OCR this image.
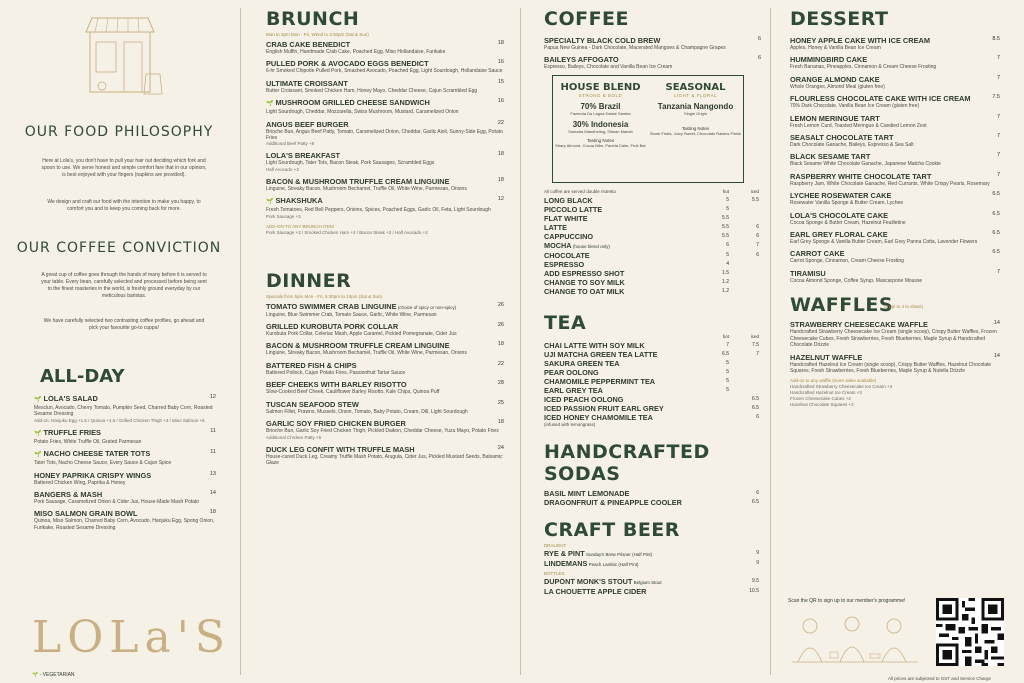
OUR FOOD PHILOSOPHY
Here at Lola's, you don't have to pull your hair out deciding which fork and spoon to use. We serve honest and simple comfort fare that in our opinion, is best enjoyed with your fingers (napkins are provided).
We design and craft our food with the intention to make you happy, to comfort you and to keep you coming back for more.
OUR COFFEE CONVICTION
A great cup of coffee goes through the hands of many before it is served to your table. Every bean, carefully selected and processed before being sent to the finest roasteries in the world, is freshly ground everyday by our meticulous baristas.
We have carefully selected two contrasting coffee profiles, go ahead and pick your favourite go-to cuppa!
ALL-DAY
🌱 LOLA'S SALAD	12
Mesclun, Avocado, Cherry Tomato, Pumpkin Seed, Charred Baby Corn, Roasted Sesame Dressing
Add-on: Hanjuku Egg +1.5 / Quinoa +1.5 / Grilled Chicken Thigh +3 / Miso Salmon +5
🌱 TRUFFLE FRIES	11
Potato Fries, White Truffle Oil, Grated Parmesan
🌱 NACHO CHEESE TATER TOTS	11
Tater Tots, Nacho Cheese Sauce, Every Sauce & Cajun Spice
HONEY PAPRIKA CRISPY WINGS	13
Battered Chicken Wing, Paprika & Honey
BANGERS & MASH	14
Pork Sausage, Caramelized Onion & Cider Jus, House-Made Mash Potato
MISO SALMON GRAIN BOWL	18
Quinoa, Miso Salmon, Charred Baby Corn, Avocado, Hanjuku Egg, Spring Onion, Furikake, Roasted Sesame Dressing
LOLa'S
🌱 - VEGETARIAN
BRUNCH
Mon to 3pm Mon - Fri, Wknd to 3:30pm (Sat & Sun)
CRAB CAKE BENEDICT	18
English Muffin, Handmade Crab Cake, Poached Egg, Miso Hollandaise, Furikake
PULLED PORK & AVOCADO EGGS BENEDICT	16
6-hr Smoked Chipotle Pulled Pork, Smashed Avocado, Poached Egg, Light Sourdough, Hollandaise Sauce
ULTIMATE CROISSANT	15
Butter Croissant, Smoked Chicken Ham, Honey Mayo, Cheddar Cheese, Cajun Scrambled Egg
🌱 MUSHROOM GRILLED CHEESE SANDWICH	16
Light Sourdough, Cheddar, Mozzarella, Swiss Mushroom, Mustard, Caramelized Onion
ANGUS BEEF BURGER	22
Brioche Bun, Angus Beef Patty, Tomato, Caramelized Onion, Cheddar, Garlic Aioli, Sunny-Side Egg, Potato Fries
Additional Beef Patty +8
LOLA'S BREAKFAST	18
Light Sourdough, Tater Tots, Bacon Steak, Pork Sausages, Scrambled Eggs
Half Avocado +2
BACON & MUSHROOM TRUFFLE CREAM LINGUINE	18
Linguine, Streaky Bacon, Mushroom Bechamel, Truffle Oil, White Wine, Parmesan, Onions
🌱 SHAKSHUKA	12
Fresh Tomatoes, Red Bell Peppers, Onions, Spices, Poached Eggs, Garlic Oil, Feta, Light Sourdough
Pork Sausage +3
ADD-ON TO ANY BRUNCH ITEM
Pork Sausage +3 / Smoked Chicken Ham +2 / Bacon Steak +3 / Half Avocado +2
DINNER
Specials from 5pm Mon - Fri, 5:30pm to 10pm (Sat & Sun)
TOMATO SWIMMER CRAB LINGUINE (choice of spicy or non-spicy)	26
Linguine, Blue Swimmer Crab, Tomato Sauce, Garlic, White Wine, Parmesan
GRILLED KUROBUTA PORK COLLAR	26
Kurobuta Pork Collar, Celeriac Mash, Apple Caramel, Pickled Pomegranate, Cider Jus
BACON & MUSHROOM TRUFFLE CREAM LINGUINE	18
Linguine, Streaky Bacon, Mushroom Bechamel, Truffle Oil, White Wine, Parmesan, Onions
BATTERED FISH & CHIPS	22
Battered Pollock, Cajun Potato Fries, Passionfruit Tartar Sauce
BEEF CHEEKS WITH BARLEY RISOTTO	28
Slow-Cooked Beef Cheek, Cauliflower Barley Risotto, Kale Chips, Quinoa Puff
TUSCAN SEAFOOD STEW	25
Salmon Fillet, Prawns, Mussels, Onion, Tomato, Baby Potato, Cream, Dill, Light Sourdough
GARLIC SOY FRIED CHICKEN BURGER	18
Brioche Bun, Garlic Soy Fried Chicken Thigh, Pickled Daikon, Cheddar Cheese, Yuzu Mayo, Potato Fries
Additional Chicken Patty +6
DUCK LEG CONFIT WITH TRUFFLE MASH	24
House-cured Duck Leg, Creamy Truffle Mash Potato, Arugula, Cider Jus, Pickled Mustard Seeds, Balsamic Glaze
COFFEE
SPECIALTY BLACK COLD BREW	6
Papua New Guinea - Dark Chocolate, Macerated Mangoes & Champagne Grapes
BAILEYS AFFOGATO	6
Espresso, Baileys, Chocolate and Vanilla Bean Ice Cream
HOUSE BLEND
STRONG & BOLD
70% Brazil
Fazenda Da Lagoa Estate Samba
30% Indonesia
Sumatra Mandheling, Sitinan Mariah
Tasting Notes
Sharp Almond, Cocoa Nibs, Panela Cake, Fruit Bar
SEASONAL
LIGHT & FLORAL
Tanzania Nangondo
Single Origin
Tasting Notes
Stone Fruits, Juicy Sweet, Chocolate Raisins Finish
All coffee are served double ristretto	hot	iced
LONG BLACK	5	5.5
PICCOLO LATTE	5
FLAT WHITE	5.5
LATTE	5.5	6
CAPPUCCINO	5.5	6
MOCHA (house blend only)	6	7
CHOCOLATE	5	6
ESPRESSO	4
ADD ESPRESSO SHOT	1.5
CHANGE TO SOY MILK	1.2
CHANGE TO OAT MILK	1.2
TEA
hot	iced
CHAI LATTE WITH SOY MILK	7	7.5
UJI MATCHA GREEN TEA LATTE	6.5	7
SAKURA GREEN TEA	5
PEAR OOLONG	5
CHAMOMILE PEPPERMINT TEA	5
EARL GREY TEA	5
ICED PEACH OOLONG	6.5
ICED PASSION FRUIT EARL GREY	6.5
ICED HONEY CHAMOMILE TEA	6
(infused with lemongrass)
HANDCRAFTED SODAS
BASIL MINT LEMONADE	6
DRAGONFRUIT & PINEAPPLE COOLER	6.5
CRAFT BEER
DRAUGHT
RYE & PINT Sunday's Brew Pilsner (Half Pint)	9
LINDEMANS Peach Lambic (Half Pint)	9
BOTTLES
DUPONT MONK'S STOUT Belgium Stout	9.5
LA CHOUETTE APPLE CIDER	10.5
DESSERT
HONEY APPLE CAKE WITH ICE CREAM	8.5
Apples, Honey & Vanilla Bean Ice Cream
HUMMINGBIRD CAKE	7
Fresh Bananas, Pineapples, Cinnamon & Cream Cheese Frosting
ORANGE ALMOND CAKE	7
Whole Oranges, Almond Meal (gluten free)
FLOURLESS CHOCOLATE CAKE WITH ICE CREAM	7.5
70% Dark Chocolate, Vanilla Bean Ice Cream (gluten free)
LEMON MERINGUE TART	7
Fresh Lemon Curd, Toasted Meringue & Candied Lemon Zest
SEASALT CHOCOLATE TART	7
Dark Chocolate Ganache, Baileys, Espresso & Sea Salt
BLACK SESAME TART	7
Black Sesame White Chocolate Ganache, Japanese Matcha Cookie
RASPBERRY WHITE CHOCOLATE TART	7
Raspberry Jam, White Chocolate Ganache, Red Currants, White Crispy Pearls, Rosemary
LYCHEE ROSEWATER CAKE	6.5
Rosewater Vanilla Sponge & Butter Cream, Lychee
LOLA'S CHOCOLATE CAKE	6.5
Cocoa Sponge & Butter Cream, Hazelnut Feuilletine
EARL GREY FLORAL CAKE	6.5
Earl Grey Sponge & Vanilla Butter Cream, Earl Grey Panna Cotta, Lavender Flowers
CARROT CAKE	6.5
Carrot Sponge, Cinnamon, Cream Cheese Frosting
TIRAMISU	7
Cocoa Almond Sponge, Coffee Syrup, Mascarpone Mousse
WAFFLES
(2 ppl to 4 to share)
STRAWBERRY CHEESECAKE WAFFLE	14
Handcrafted Strawberry Cheesecake Ice Cream (single scoop), Crispy Butter Waffles, Frozen Cheesecake Cubes, Fresh Strawberries, Fresh Blueberries, Maple Syrup & Handcrafted Chocolate Drizzle
HAZELNUT WAFFLE	14
Handcrafted Hazelnut Ice Cream (single scoop), Crispy Butter Waffles, Hazelnut Chocolate Squares, Fresh Strawberries, Fresh Blueberries, Maple Syrup & Nutella Drizzle
Add-on to any waffle (more sides available)
Handcrafted Strawberry Cheesecake Ice Cream +3
Handcrafted Hazelnut Ice Cream +3
Frozen Cheesecake Cubes +2
Hazelnut Chocolate Squares +2
Scan the QR to sign up to our member's programme!
All prices are subjected to GST and Service Charge
